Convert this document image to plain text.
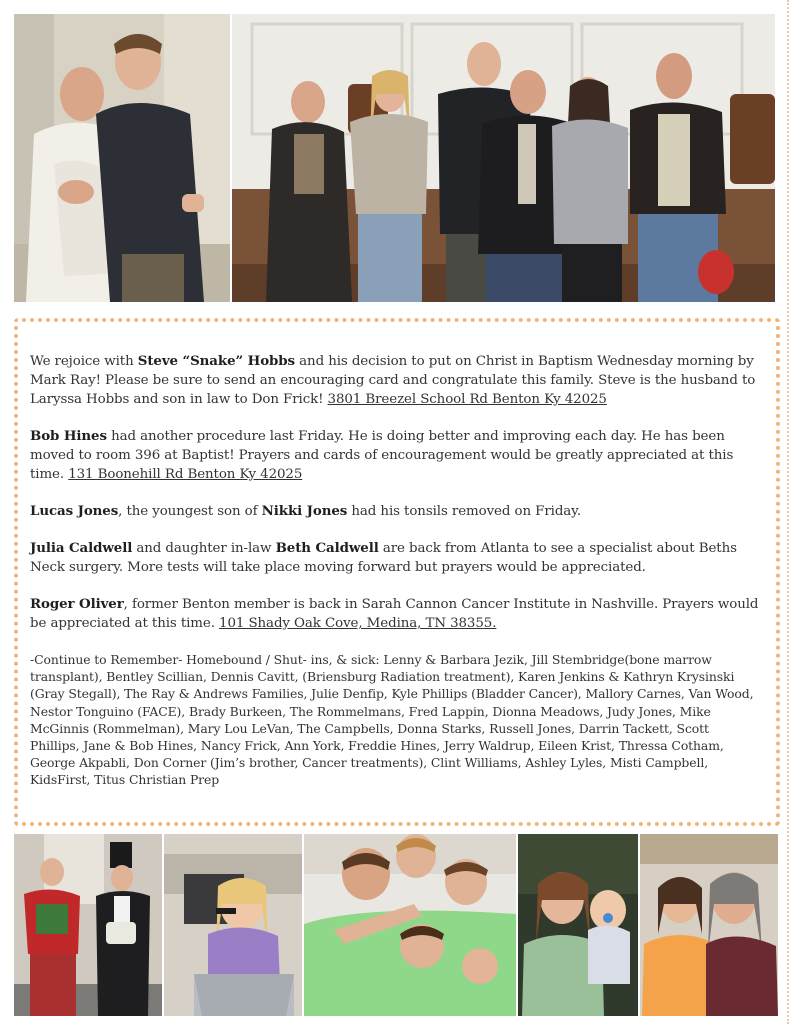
We rejoice with Steve “Snake” Hobbs and his decision to put on Christ in Baptism Wednesday morning by Mark Ray! Please be sure to send an encouraging card and congratulate this family. Steve is the husband to Laryssa Hobbs and son in law to Don Frick! 3801 Breezel School Rd Benton Ky 42025

Bob Hines had another procedure last Friday. He is doing better and improving each day. He has been moved to room 396 at Baptist! Prayers and cards of encouragement would be greatly appreciated at this time. 131 Boonehill Rd Benton Ky 42025

Lucas Jones, the youngest son of Nikki Jones had his tonsils removed on Friday.

Julia Caldwell and daughter in-law Beth Caldwell are back from Atlanta to see a specialist about Beths Neck surgery. More tests will take place moving forward but prayers would be appreciated.

Roger Oliver, former Benton member is back in Sarah Cannon Cancer Institute in Nashville. Prayers would be appreciated at this time. 101 Shady Oak Cove, Medina, TN 38355.

-Continue to Remember- Homebound / Shut- ins, & sick: Lenny & Barbara Jezik, Jill Stembridge(bone marrow transplant), Bentley Scillian, Dennis Cavitt, (Briensburg Radiation treatment), Karen Jenkins & Kathryn Krysinski (Gray Stegall), The Ray & Andrews Families, Julie Denfip, Kyle Phillips (Bladder Cancer), Mallory Carnes, Van Wood, Nestor Tonguino (FACE), Brady Burkeen, The Rommelmans, Fred Lappin, Dionna Meadows, Judy Jones, Mike McGinnis (Rommelman), Mary Lou LeVan, The Campbells, Donna Starks, Russell Jones, Darrin Tackett, Scott Phillips, Jane & Bob Hines, Nancy Frick, Ann York, Freddie Hines, Jerry Waldrup, Eileen Krist, Thressa Cotham, George Akpabli, Don Corner (Jim’s brother, Cancer treatments), Clint Williams, Ashley Lyles, Misti Campbell, KidsFirst, Titus Christian Prep
